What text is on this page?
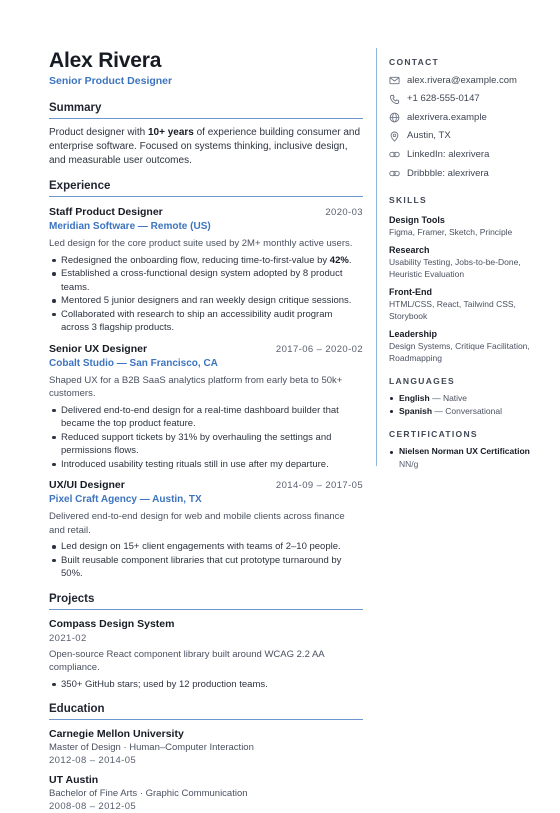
Alex Rivera
Senior Product Designer
Summary

Product designer with 10+ years of experience building consumer and enterprise software. Focused on systems thinking, inclusive design, and measurable user outcomes.

Experience
Staff Product Designer	2020-03
Meridian Software — Remote (US)
Led design for the core product suite used by 2M+ monthly active users.
Redesigned the onboarding flow, reducing time-to-first-value by 42%.
Established a cross-functional design system adopted by 8 product teams.
Mentored 5 junior designers and ran weekly design critique sessions.
Collaborated with research to ship an accessibility audit program across 3 flagship products.
Senior UX Designer	2017-06 – 2020-02
Cobalt Studio — San Francisco, CA
Shaped UX for a B2B SaaS analytics platform from early beta to 50k+ customers.
Delivered end-to-end design for a real-time dashboard builder that became the top product feature.
Reduced support tickets by 31% by overhauling the settings and permissions flows.
Introduced usability testing rituals still in use after my departure.
UX/UI Designer	2014-09 – 2017-05
Pixel Craft Agency — Austin, TX
Delivered end-to-end design for web and mobile clients across finance and retail.
Led design on 15+ client engagements with teams of 2–10 people.
Built reusable component libraries that cut prototype turnaround by 50%.
Projects
Compass Design System
2021-02
Open-source React component library built around WCAG 2.2 AA compliance.
350+ GitHub stars; used by 12 production teams.
Education
Carnegie Mellon University
Master of Design · Human–Computer Interaction
2012-08 – 2014-05
UT Austin
Bachelor of Fine Arts · Graphic Communication
2008-08 – 2012-05
CONTACT
alex.rivera@example.com
+1 628-555-0147
alexrivera.example
Austin, TX
LinkedIn: alexrivera
Dribbble: alexrivera
SKILLS
Design Tools
Figma, Framer, Sketch, Principle
Research
Usability Testing, Jobs-to-be-Done, Heuristic Evaluation
Front-End
HTML/CSS, React, Tailwind CSS, Storybook
Leadership
Design Systems, Critique Facilitation, Roadmapping
LANGUAGES
English — Native
Spanish — Conversational
CERTIFICATIONS
Nielsen Norman UX Certification
NN/g
